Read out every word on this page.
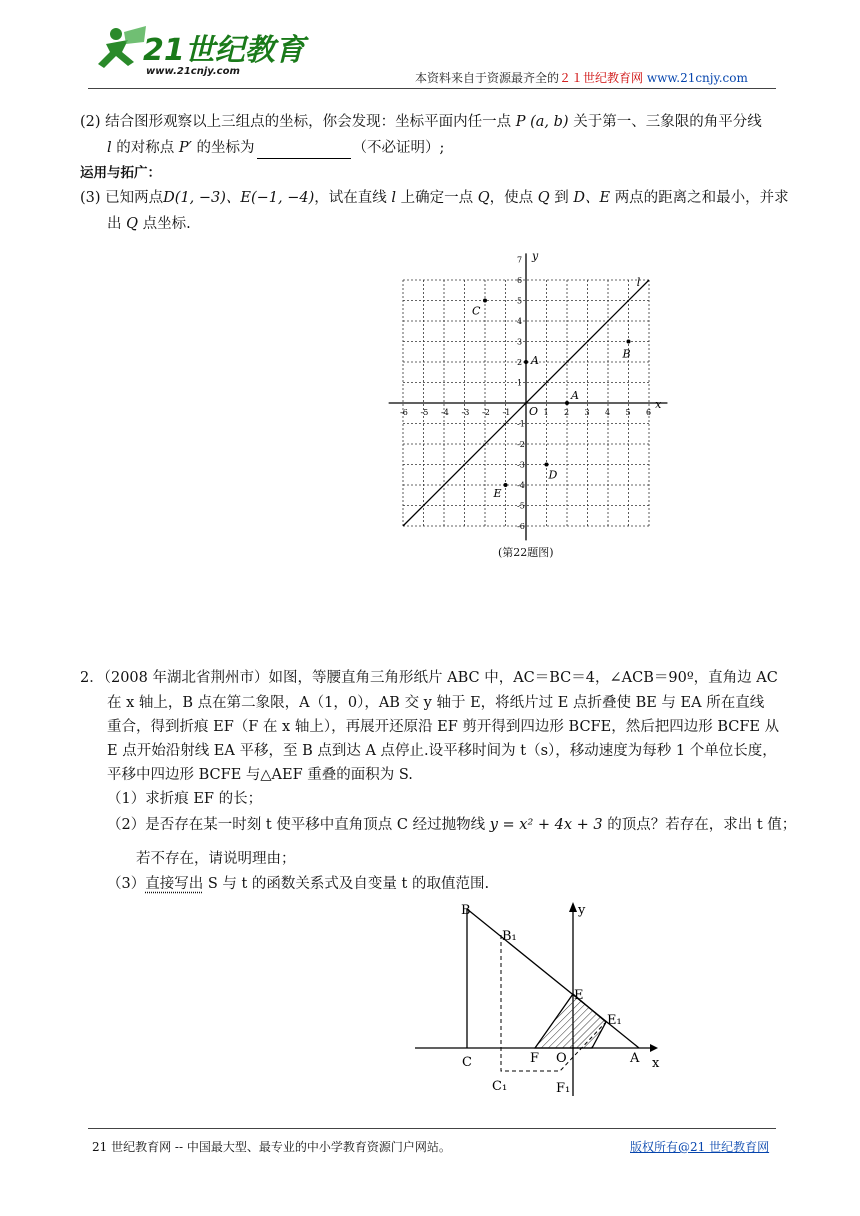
21世纪教育
www.21cnjy.com	本资料来自于资源最齐全的２１世纪教育网 www.21cnjy.com
(2) 结合图形观察以上三组点的坐标，你会发现：坐标平面内任一点 P (a, b) 关于第一、三象限的角平分线
l 的对称点 P′ 的坐标为	（不必证明）;
运用与拓广：
(3) 已知两点D(1, −3)、E(−1, −4)，试在直线 l 上确定一点 Q，使点 Q 到 D、E 两点的距离之和最小，并求
出 Q 点坐标.
-6 -5 -4 -3 -2 -1	1 2 3 4 5 6
7
6
5
4
3
2
1
-1
-2
-3
-4
-5
-6
x
y
O
l
C
A	B
A
D
E
(第22题图)
2．（2008 年湖北省荆州市）如图，等腰直角三角形纸片 ABC 中，AC＝BC＝4，∠ACB＝90º，直角边 AC
在 x 轴上，B 点在第二象限，A（1，0），AB 交 y 轴于 E，将纸片过 E 点折叠使 BE 与 EA 所在直线
重合，得到折痕 EF（F 在 x 轴上），再展开还原沿 EF 剪开得到四边形 BCFE，然后把四边形 BCFE 从
E 点开始沿射线 EA 平移，至 B 点到达 A 点停止.设平移时间为 t（s），移动速度为每秒 1 个单位长度，
平移中四边形 BCFE 与△AEF 重叠的面积为 S.
（1）求折痕 EF 的长；
（2）是否存在某一时刻 t 使平移中直角顶点 C 经过抛物线 y = x² + 4x + 3 的顶点？若存在，求出 t 值；
若不存在，请说明理由；
（3）直接写出 S 与 t 的函数关系式及自变量 t 的取值范围.
B
B₁
E
E₁
C	F O	A x
y
C₁	F₁
21 世纪教育网 -- 中国最大型、最专业的中小学教育资源门户网站。	版权所有@21 世纪教育网
